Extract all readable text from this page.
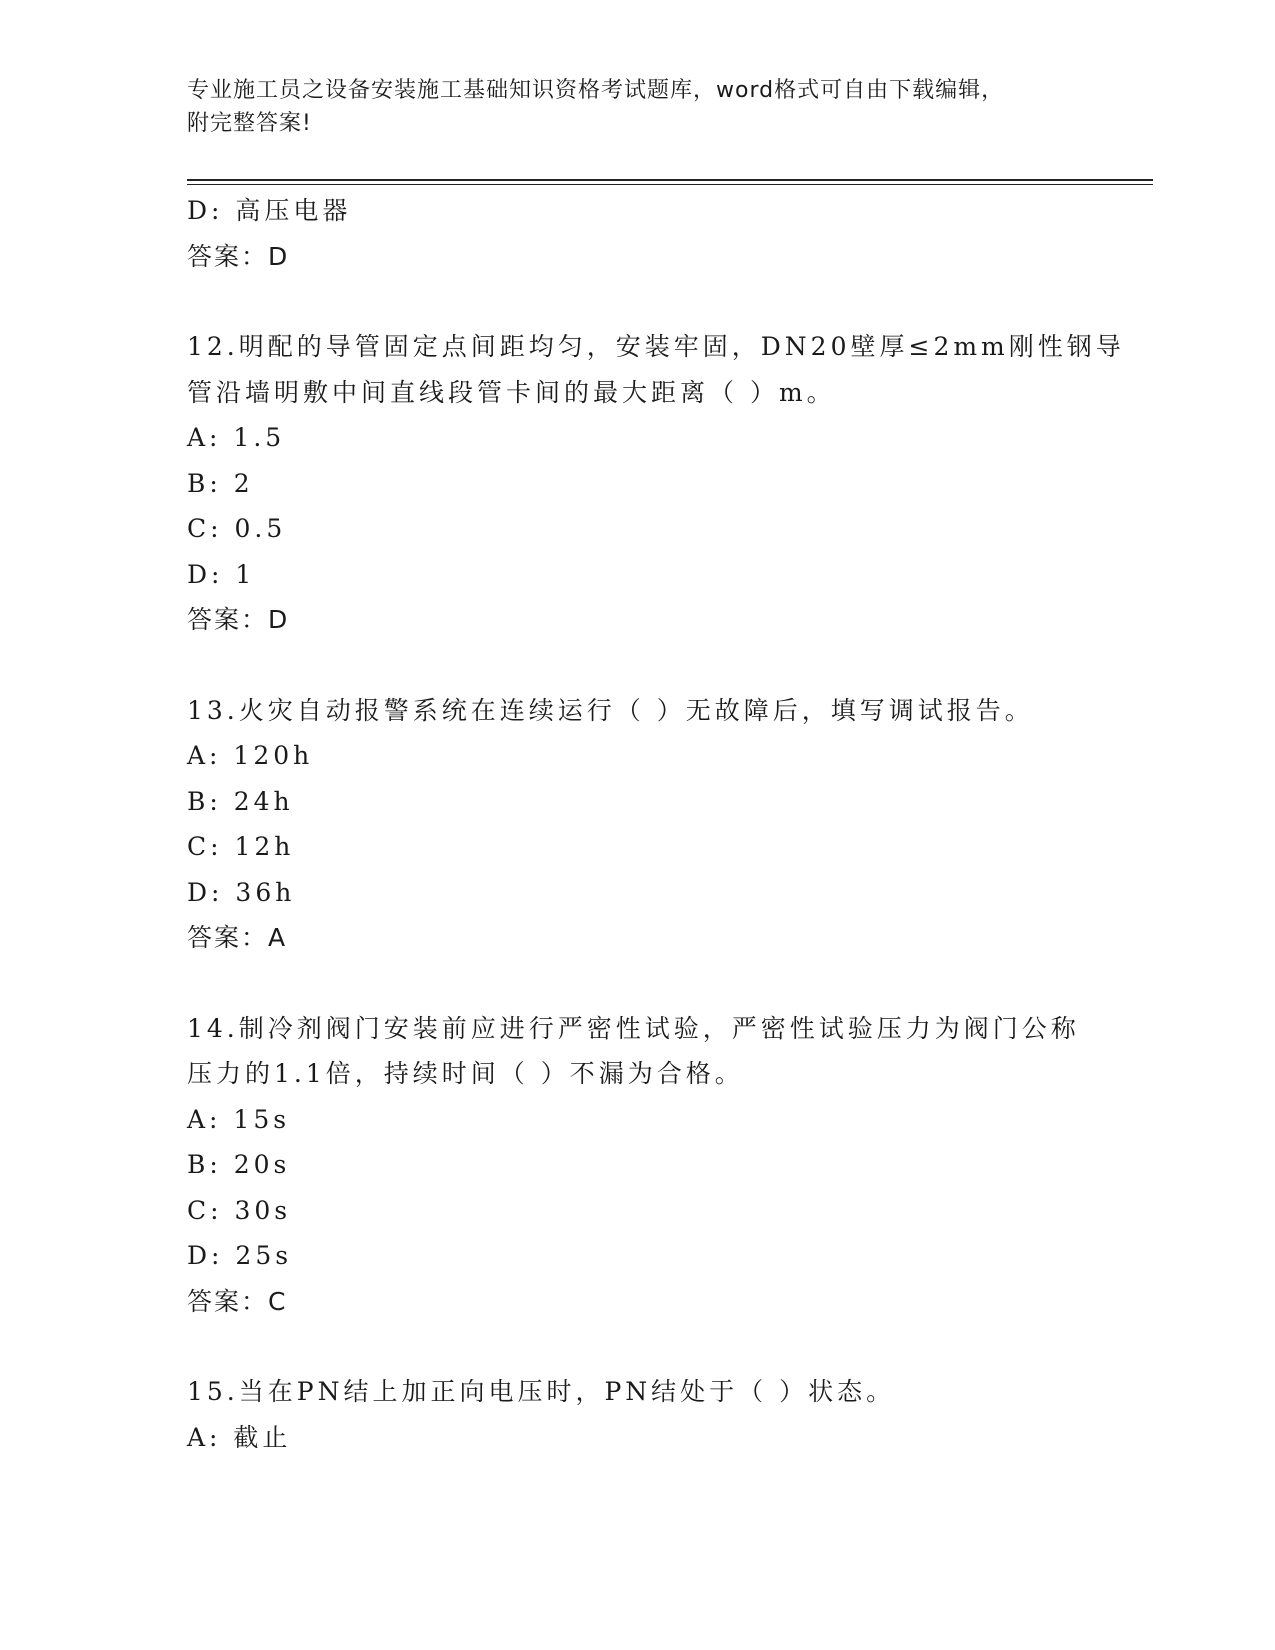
专业施工员之设备安装施工基础知识资格考试题库，word格式可自由下载编辑，
附完整答案!
D: 高压电器
答案：D
12.明配的导管固定点间距均匀，安装牢固，DN20壁厚≤2mm刚性钢导
管沿墙明敷中间直线段管卡间的最大距离（ ）m。
A: 1.5
B: 2
C: 0.5
D: 1
答案：D
13.火灾自动报警系统在连续运行（ ）无故障后，填写调试报告。
A: 120h
B: 24h
C: 12h
D: 36h
答案：A
14.制冷剂阀门安装前应进行严密性试验，严密性试验压力为阀门公称
压力的1.1倍，持续时间（ ）不漏为合格。
A: 15s
B: 20s
C: 30s
D: 25s
答案：C
15.当在PN结上加正向电压时，PN结处于（ ）状态。
A: 截止
